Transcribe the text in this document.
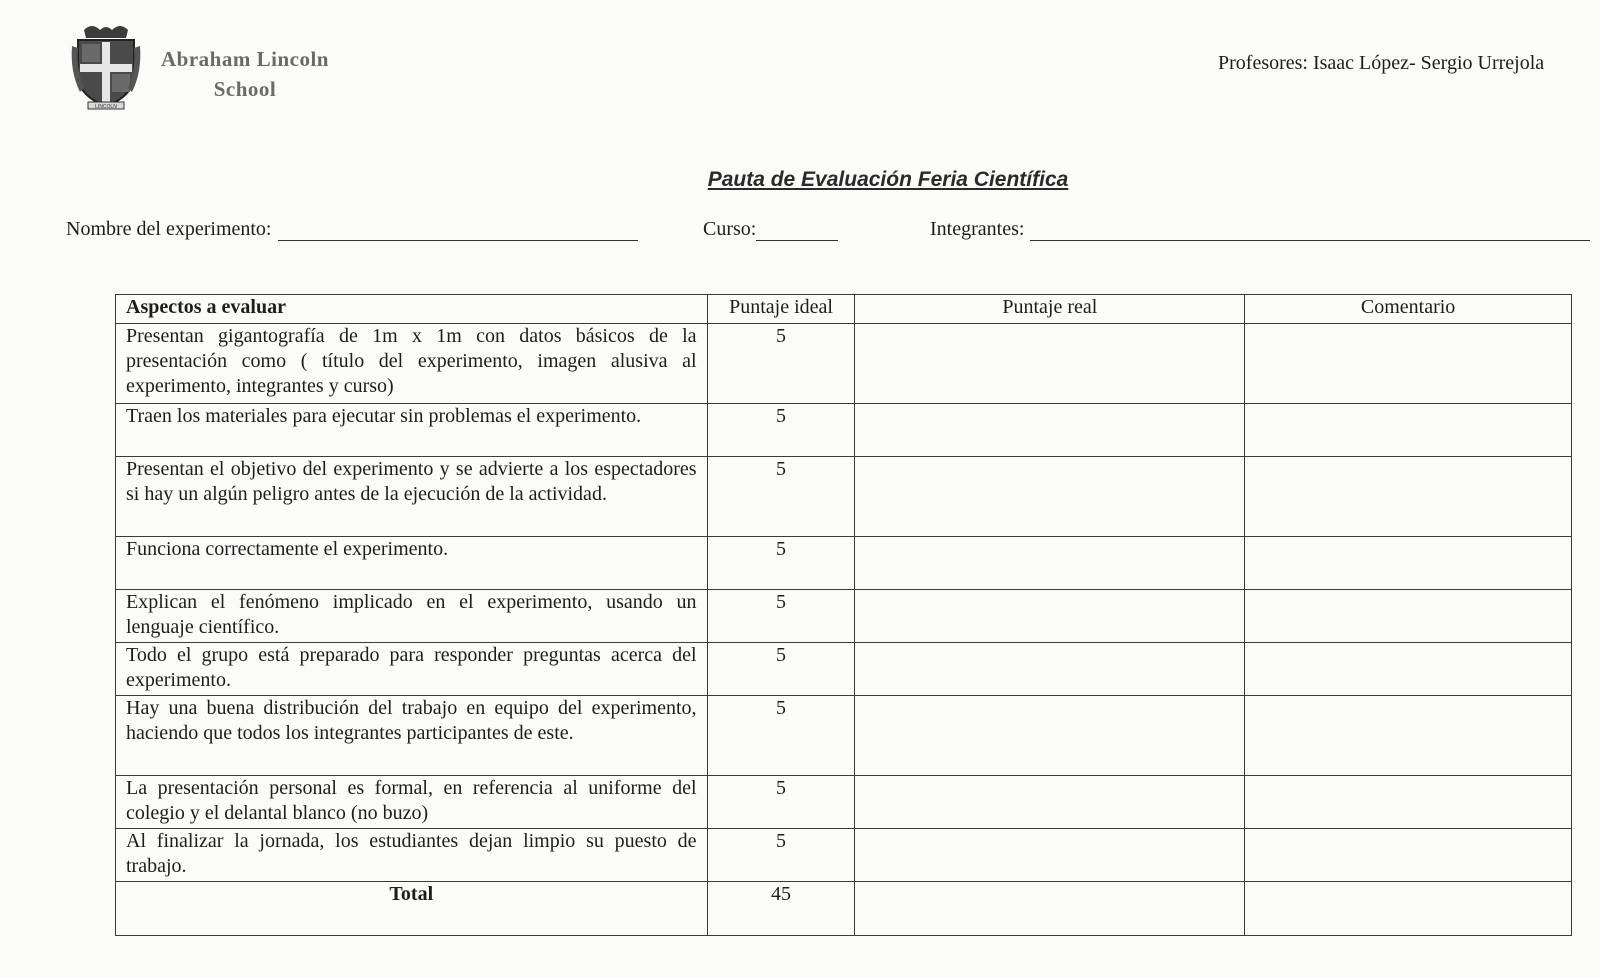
LINCOLN
Abraham Lincoln
School
Profesores: Isaac López- Sergio Urrejola
Pauta de Evaluación Feria Científica
Nombre del experimento:	Curso:	Integrantes:
Aspectos a evaluar	Puntaje ideal	Puntaje real	Comentario
Presentan gigantografía de 1m x 1m con datos básicos de la presentación como ( título del experimento, imagen alusiva al experimento, integrantes y curso)	5		
Traen los materiales para ejecutar sin problemas el experimento.	5		
Presentan el objetivo del experimento y se advierte a los espectadores si hay un algún peligro antes de la ejecución de la actividad.	5		
Funciona correctamente el experimento.	5		
Explican el fenómeno implicado en el experimento, usando un lenguaje científico.	5		
Todo el grupo está preparado para responder preguntas acerca del experimento.	5		
Hay una buena distribución del trabajo en equipo del experimento, haciendo que todos los integrantes participantes de este.	5		
La presentación personal es formal, en referencia al uniforme del colegio y el delantal blanco (no buzo)	5		
Al finalizar la jornada, los estudiantes dejan limpio su puesto de trabajo.	5		
Total	45		
